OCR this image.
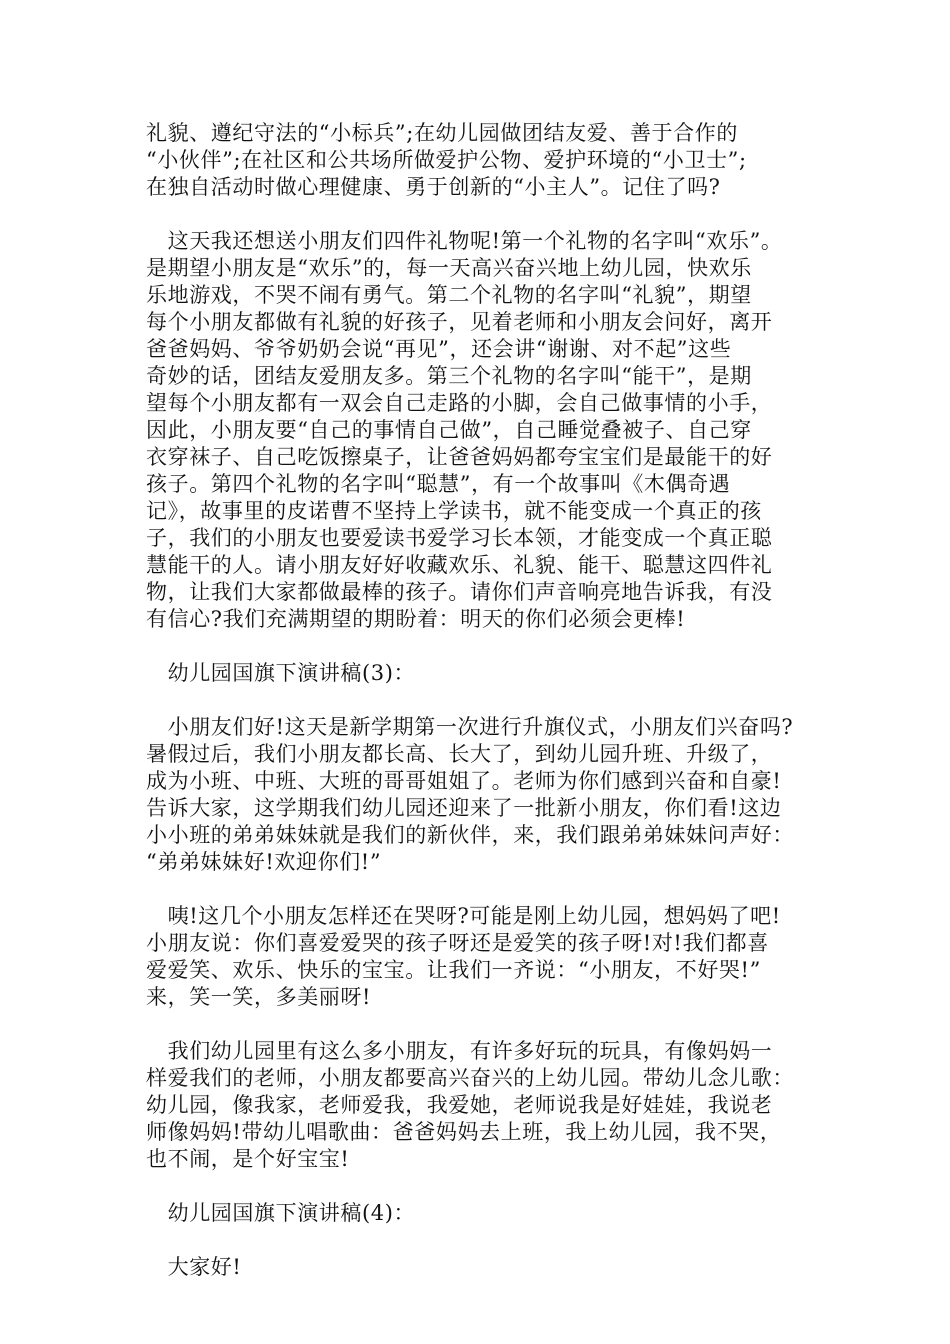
礼貌、遵纪守法的“小标兵”;在幼儿园做团结友爱、善于合作的
“小伙伴”;在社区和公共场所做爱护公物、爱护环境的“小卫士”;
在独自活动时做心理健康、勇于创新的“小主人”。记住了吗?

　这天我还想送小朋友们四件礼物呢!第一个礼物的名字叫“欢乐”。
是期望小朋友是“欢乐”的，每一天高兴奋兴地上幼儿园，快欢乐
乐地游戏，不哭不闹有勇气。第二个礼物的名字叫“礼貌”，期望
每个小朋友都做有礼貌的好孩子，见着老师和小朋友会问好，离开
爸爸妈妈、爷爷奶奶会说“再见”，还会讲“谢谢、对不起”这些
奇妙的话，团结友爱朋友多。第三个礼物的名字叫“能干”，是期
望每个小朋友都有一双会自己走路的小脚，会自己做事情的小手，
因此，小朋友要“自己的事情自己做”，自己睡觉叠被子、自己穿
衣穿袜子、自己吃饭擦桌子，让爸爸妈妈都夸宝宝们是最能干的好
孩子。第四个礼物的名字叫“聪慧”，有一个故事叫《木偶奇遇
记》，故事里的皮诺曹不坚持上学读书，就不能变成一个真正的孩
子，我们的小朋友也要爱读书爱学习长本领，才能变成一个真正聪
慧能干的人。请小朋友好好收藏欢乐、礼貌、能干、聪慧这四件礼
物，让我们大家都做最棒的孩子。请你们声音响亮地告诉我，有没
有信心?我们充满期望的期盼着：明天的你们必须会更棒!

　幼儿园国旗下演讲稿(3)：

　小朋友们好!这天是新学期第一次进行升旗仪式，小朋友们兴奋吗?
暑假过后，我们小朋友都长高、长大了，到幼儿园升班、升级了，
成为小班、中班、大班的哥哥姐姐了。老师为你们感到兴奋和自豪!
告诉大家，这学期我们幼儿园还迎来了一批新小朋友，你们看!这边
小小班的弟弟妹妹就是我们的新伙伴，来，我们跟弟弟妹妹问声好：
“弟弟妹妹好!欢迎你们!”

　咦!这几个小朋友怎样还在哭呀?可能是刚上幼儿园，想妈妈了吧!
小朋友说：你们喜爱爱哭的孩子呀还是爱笑的孩子呀!对!我们都喜
爱爱笑、欢乐、快乐的宝宝。让我们一齐说：“小朋友，不好哭!”
来，笑一笑，多美丽呀!

　我们幼儿园里有这么多小朋友，有许多好玩的玩具，有像妈妈一
样爱我们的老师，小朋友都要高兴奋兴的上幼儿园。带幼儿念儿歌：
幼儿园，像我家，老师爱我，我爱她，老师说我是好娃娃，我说老
师像妈妈!带幼儿唱歌曲：爸爸妈妈去上班，我上幼儿园，我不哭，
也不闹，是个好宝宝!

　幼儿园国旗下演讲稿(4)：

　大家好!
